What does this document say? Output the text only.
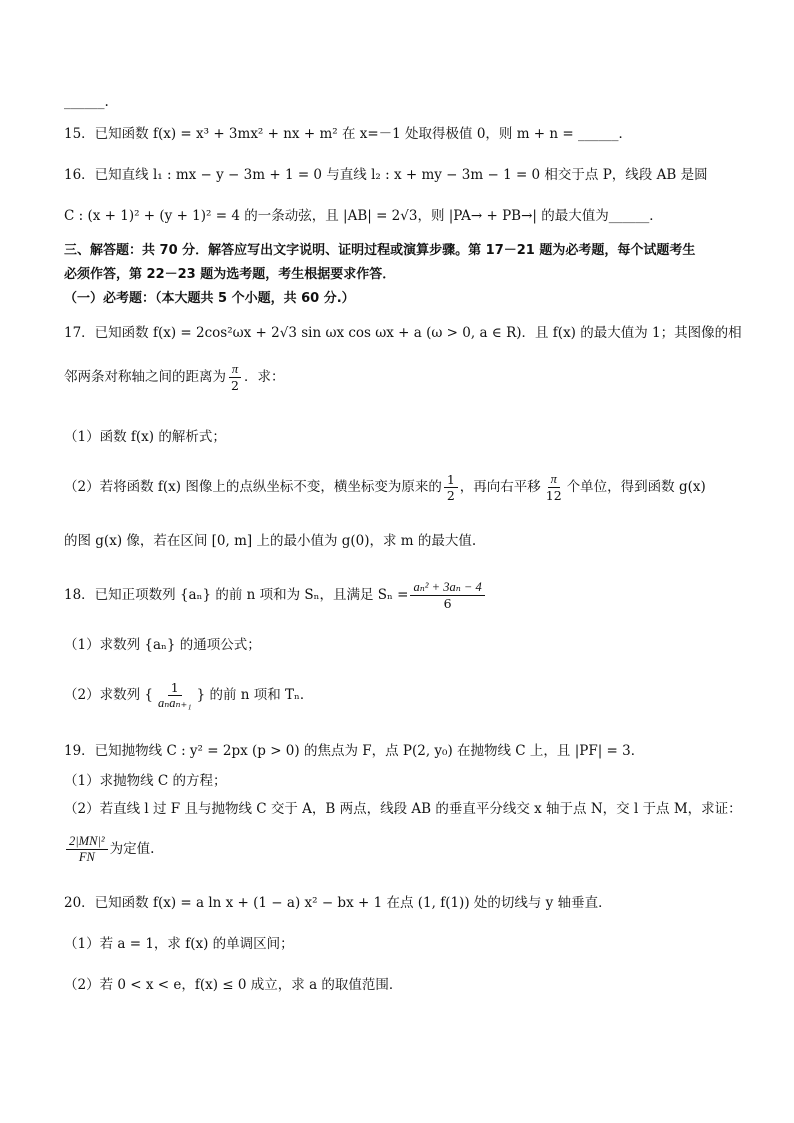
______.
15．已知函数 f(x) = x³ + 3mx² + nx + m² 在 x=－1 处取得极值 0，则 m + n = ______．
16．已知直线 l₁ : mx − y − 3m + 1 = 0 与直线 l₂ : x + my − 3m − 1 = 0 相交于点 P，线段 AB 是圆
C : (x + 1)² + (y + 1)² = 4 的一条动弦，且 |AB| = 2√3，则 |PA→ + PB→| 的最大值为______．
三、解答题：共 70 分．解答应写出文字说明、证明过程或演算步骤。第 17－21 题为必考题，每个试题考生
必须作答，第 22－23 题为选考题，考生根据要求作答．
（一）必考题：（本大题共 5 个小题，共 60 分.）
17．已知函数 f(x) = 2cos²ωx + 2√3 sin ωx cos ωx + a (ω > 0, a ∈ R)．且 f(x) 的最大值为 1；其图像的相
邻两条对称轴之间的距离为 $\frac{\pi}{2}$ ．求：
（1）函数 f(x) 的解析式；
（2）若将函数 f(x) 图像上的点纵坐标不变，横坐标变为原来的 $\frac{1}{2}$ ，再向右平移 $\frac{\pi}{12}$ 个单位，得到函数 g(x)
的图 g(x) 像，若在区间 [0, m] 上的最小值为 g(0)，求 m 的最大值.
18．已知正项数列 {aₙ} 的前 n 项和为 Sₙ，且满足 $S_n = \frac{\text{aₙ² + 3aₙ − 4}}{6}$
（1）求数列 {aₙ} 的通项公式；
（2）求数列 { $\frac{1}{\text{aₙaₙ₊₁}}$ } 的前 n 项和 Tₙ．
19．已知抛物线 C : y² = 2px (p > 0) 的焦点为 F，点 P(2, y₀) 在抛物线 C 上，且 |PF| = 3．
（1）求抛物线 C 的方程；
（2）若直线 l 过 F 且与抛物线 C 交于 A，B 两点，线段 AB 的垂直平分线交 x 轴于点 N，交 l 于点 M，求证：
$\frac{\text{2|MN|²}}{FN}$ 为定值.
20．已知函数 f(x) = a ln x + (1 − a) x² − bx + 1 在点 (1, f(1)) 处的切线与 y 轴垂直．
（1）若 a = 1，求 f(x) 的单调区间；
（2）若 0 < x < e，f(x) ≤ 0 成立，求 a 的取值范围．
